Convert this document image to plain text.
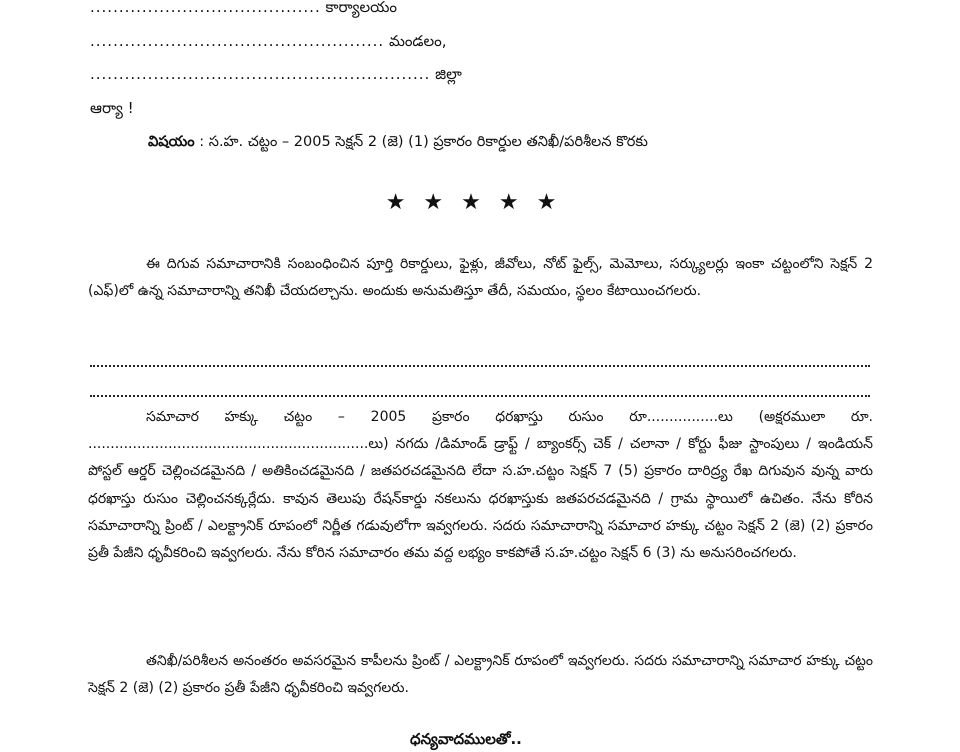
........................................ కార్యాలయం
................................................... మండలం,
........................................................... జిల్లా
ఆర్యా !
విషయం : స.హ. చట్టం – 2005 సెక్షన్ 2 (జె) (1) ప్రకారం రికార్డుల తనిఖీ/పరిశీలన కొరకు
★★★★★
ఈ దిగువ సమాచారానికి సంబంధించిన పూర్తి రికార్డులు, ఫైళ్లు, జీవోలు, నోట్ ఫైల్స్, మెమోలు, సర్క్యులర్లు ఇంకా చట్టంలోని సెక్షన్ 2 (ఎఫ్)లో ఉన్న సమాచారాన్ని తనిఖీ చేయదల్చాను. అందుకు అనుమతిస్తూ తేదీ, సమయం, స్థలం కేటాయించగలరు.
సమాచార హక్కు చట్టం – 2005 ప్రకారం ధరఖాస్తు రుసుం రూ................లు (అక్షరములా రూ. ...............................................................లు) నగదు /డిమాండ్ డ్రాఫ్ట్ / బ్యాంకర్స్ చెక్ / చలానా / కోర్టు ఫీజు స్టాంపులు / ఇండియన్ పోస్టల్ ఆర్డర్ చెల్లించడమైనది / అతికించడమైనది / జతపరచడమైనది లేదా స.హ.చట్టం సెక్షన్ 7 (5) ప్రకారం దారిద్ర్య రేఖ దిగువున వున్న వారు ధరఖాస్తు రుసుం చెల్లించనక్కర్లేదు. కావున తెలుపు రేషన్‌కార్డు నకలును ధరఖాస్తుకు జతపరచడమైనది / గ్రామ స్థాయిలో ఉచితం. నేను కోరిన సమాచారాన్ని ప్రింట్ / ఎలక్ట్రానిక్ రూపంలో నిర్ణీత గడువులోగా ఇవ్వగలరు. సదరు సమాచారాన్ని సమాచార హక్కు చట్టం సెక్షన్ 2 (జె) (2) ప్రకారం ప్రతీ పేజీని ధృవీకరించి ఇవ్వగలరు. నేను కోరిన సమాచారం తమ వద్ద లభ్యం కాకపోతే స.హ.చట్టం సెక్షన్ 6 (3) ను అనుసరించగలరు.
తనిఖీ/పరిశీలన అనంతరం అవసరమైన కాపీలను ప్రింట్ / ఎలక్ట్రానిక్ రూపంలో ఇవ్వగలరు. సదరు సమాచారాన్ని సమాచార హక్కు చట్టం సెక్షన్ 2 (జె) (2) ప్రకారం ప్రతీ పేజీని ధృవీకరించి ఇవ్వగలరు.
ధన్యవాదములతో..
